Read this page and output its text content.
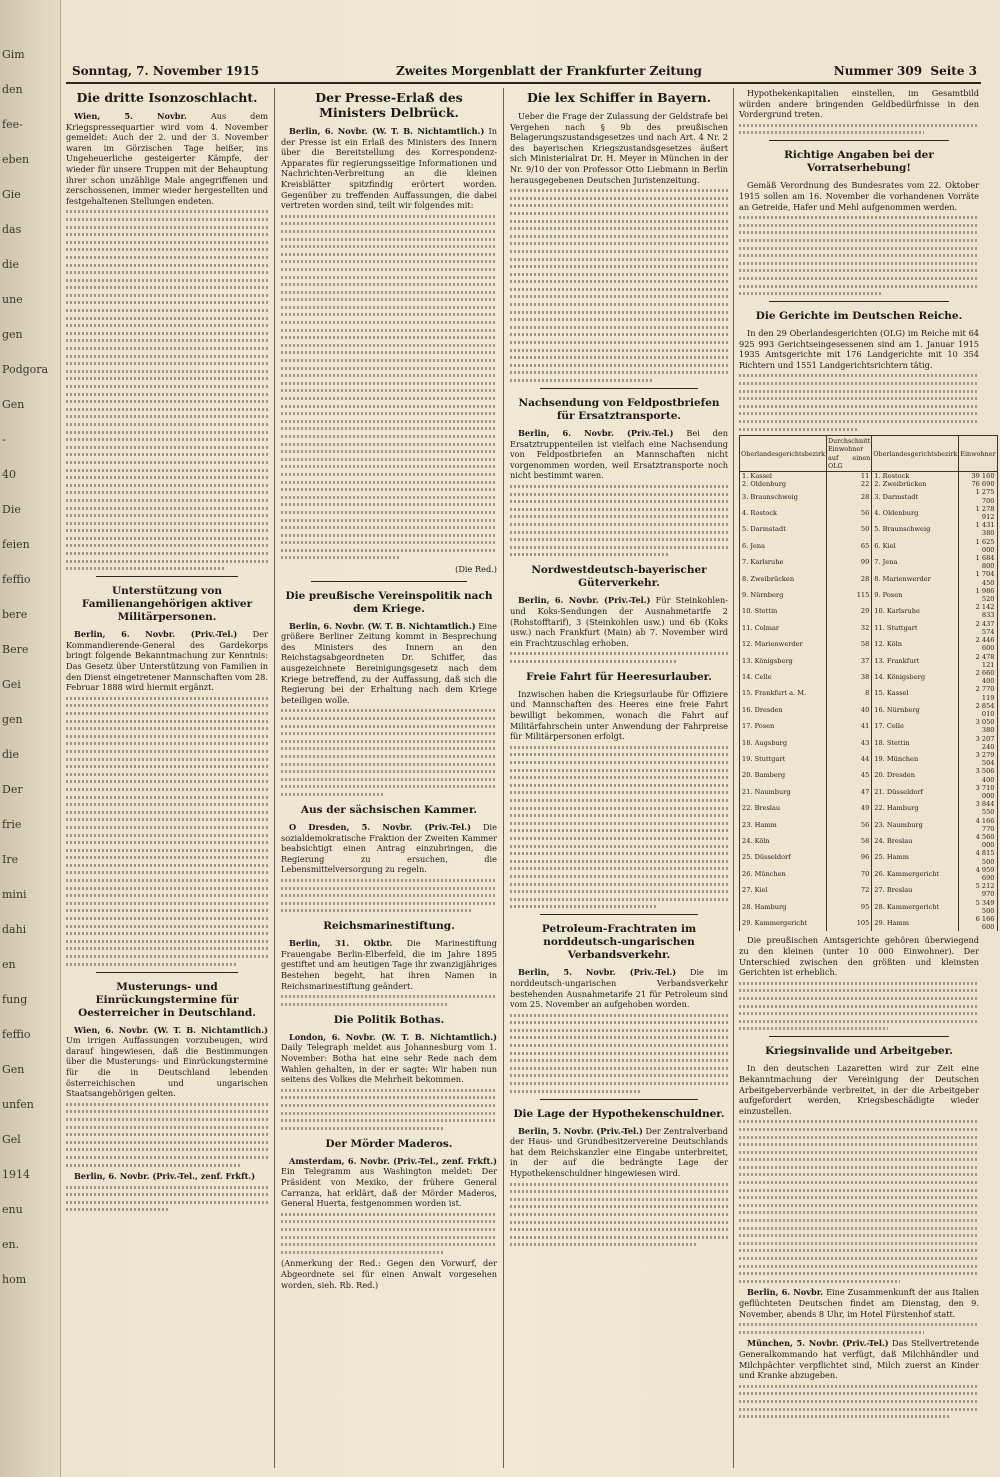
Gim
den
fee-
eben
Gie
das
die
une
gen
Podgora
Gen
-
40
Die
feien
feffio
bere
Bere
Gei
gen
die
Der
frie
Ire
mini
dahi
en
fung
feffio
Gen
unfen
Gel
1914
enu
en.
hom
Sonntag, 7. November 1915	Zweites Morgenblatt der Frankfurter Zeitung	Nummer 309 Seite 3
Die dritte Isonzoschlacht.

Wien, 5. Novbr.	Aus dem Kriegspressequartier wird vom 4. November gemeldet: Auch der 2. und der 3. November waren im Görzischen Tage heißer, ins Ungeheuerliche gesteigerter Kämpfe, der wieder für unsere Truppen mit der Behauptung ihrer schon unzählige Male angegriffenen und zerschossenen, immer wieder hergestellten und festgehaltenen Stellungen endeten.

Unterstützung von Familienangehörigen aktiver Militärpersonen.

Berlin, 6. Novbr. (Priv.-Tel.) Der Kommandierende-General des Gardekorps bringt folgende Bekanntmachung zur Kenntnis: Das Gesetz über Unterstützung von Familien in den Dienst eingetretener Mannschaften vom 28. Februar 1888 wird hiermit ergänzt.

Musterungs- und Einrückungstermine für Oesterreicher in Deutschland.

Wien, 6. Novbr. (W. T. B. Nichtamtlich.) Um irrigen Auffassungen vorzubeugen, wird darauf hingewiesen, daß die Bestimmungen über die Musterungs- und Einrückungstermine für die in Deutschland lebenden österreichischen und ungarischen Staatsangehörigen gelten.

Berlin, 6. Novbr. (Priv.-Tel., zenf. Frkft.)

Der Presse-Erlaß des Ministers Delbrück.

Berlin, 6. Novbr. (W. T. B. Nichtamtlich.) In der Presse ist ein Erlaß des Ministers des Innern über die Bereitstellung des Korrespondenz-Apparates für regierungsseitige Informationen und Nachrichten-Verbreitung an die kleinen Kreisblätter spitzfindig erörtert worden. Gegenüber zu treffenden Auffassungen, die dabei vertreten worden sind, teilt wir folgendes mit:

(Die Red.)

Die preußische Vereinspolitik nach dem Kriege.

Berlin, 6. Novbr. (W. T. B. Nichtamtlich.) Eine größere Berliner Zeitung kommt in Besprechung des Ministers des Innern an den Reichstagsabgeordneten Dr. Schiffer, das ausgezeichnete Bereinigungsgesetz nach dem Kriege betreffend, zu der Auffassung, daß sich die Regierung bei der Erhaltung nach dem Kriege beteiligen wolle.

Aus der sächsischen Kammer.

O Dresden, 5. Novbr. (Priv.-Tel.) Die sozialdemokratische Fraktion der Zweiten Kammer beabsichtigt einen Antrag einzubringen, die Regierung zu ersuchen, die Lebensmittelversorgung zu regeln.

Reichsmarinestiftung.

Berlin, 31. Oktbr. Die Marinestiftung Frauengabe Berlin-Elberfeld, die im Jahre 1895 gestiftet und am heutigen Tage ihr zwanzigjähriges Bestehen begeht, hat ihren Namen in Reichsmarinestiftung geändert.

Die Politik Bothas.

London, 6. Novbr. (W. T. B. Nichtamtlich.) Daily Telegraph meldet aus Johannesburg vom 1. November: Botha hat eine sehr Rede nach dem Wahlen gehalten, in der er sagte: Wir haben nun seitens des Volkes die Mehrheit bekommen.

Der Mörder Maderos.

Amsterdam, 6. Novbr. (Priv.-Tel., zenf. Frkft.) Ein Telegramm aus Washington meldet: Der Präsident von Mexiko, der frühere General Carranza, hat erklärt, daß der Mörder Maderos, General Huerta, festgenommen worden ist.

(Anmerkung der Red.: Gegen den Vorwurf, der Abgeordnete sei für einen Anwalt vorgesehen worden, sieh. Rb. Red.)

Die lex Schiffer in Bayern.

Ueber die Frage der Zulassung der Geldstrafe bei Vergehen nach § 9b des preußischen Belagerungszustandsgesetzes und nach Art. 4 Nr. 2 des bayerischen Kriegszustandsgesetzes äußert sich Ministerialrat Dr. H. Meyer in München in der Nr. 9/10 der von Professor Otto Liebmann in Berlin herausgegebenen Deutschen Juristenzeitung.

Nachsendung von Feldpostbriefen für Ersatztransporte.

Berlin, 6. Novbr. (Priv.-Tel.) Bei den Ersatztruppenteilen ist vielfach eine Nachsendung von Feldpostbriefen an Mannschaften nicht vorgenommen worden, weil Ersatztransporte noch nicht bestimmt waren.

Nordwestdeutsch-bayerischer Güterverkehr.

Berlin, 6. Novbr. (Priv.-Tel.) Für Steinkohlen- und Koks-Sendungen der Ausnahmetarife 2 (Rohstofftarif), 3 (Steinkohlen usw.) und 6b (Koks usw.) nach Frankfurt (Main) ab 7. November wird ein Frachtzuschlag erhoben.

Freie Fahrt für Heeresurlauber.

Inzwischen haben die Kriegsurlaube für Offiziere und Mannschaften des Heeres eine freie Fahrt bewilligt bekommen, wonach die Fahrt auf Militärfahrschein unter Anwendung der Fahrpreise für Militärpersonen erfolgt.

Petroleum-Frachtraten im norddeutsch-ungarischen Verbandsverkehr.

Berlin, 5. Novbr. (Priv.-Tel.) Die im norddeutsch-ungarischen Verbandsverkehr bestehenden Ausnahmetarife 21 für Petroleum sind vom 25. November an aufgehoben worden.

Die Lage der Hypothekenschuldner.

Berlin, 5. Novbr. (Priv.-Tel.) Der Zentralverband der Haus- und Grundbesitzervereine Deutschlands hat dem Reichskanzler eine Eingabe unterbreitet, in der auf die bedrängte Lage der Hypothekenschuldner hingewiesen wird.

Hypothekenkapitalien einstellen, im Gesamtbild würden andere bringenden Geldbedürfnisse in den Vordergrund treten.

Richtige Angaben bei der Vorratserhebung!

Gemäß Verordnung des Bundesrates vom 22. Oktober 1915 sollen am 16. November die vorhandenen Vorräte an Getreide, Hafer und Mehl aufgenommen werden.

Die Gerichte im Deutschen Reiche.

In den 29 Oberlandesgerichten (OLG) im Reiche mit 64 925 993 Gerichtseingesessenen sind am 1. Januar 1915 1935 Amtsgerichte mit 176 Landgerichte mit 10 354 Richtern und 1551 Landgerichtsrichtern tätig.

Oberlandesgerichtsbezirk	Durchschnitt Einwohner auf einen OLG	Oberlandesgerichtsbezirk	Einwohner
1. Kassel	11	1. Rostock	39 160
2. Oldenburg	22	2. Zweibrücken	76 690
3. Braunschweig	28	3. Darmstadt	1 275 700
4. Rostock	56	4. Oldenburg	1 278 912
5. Darmstadt	50	5. Braunschweig	1 431 380
6. Jena	65	6. Kiel	1 625 000
7. Karlsruhe	99	7. Jena	1 684 800
8. Zweibrücken	28	8. Marienwerder	1 704 450
9. Nürnberg	115	9. Posen	1 986 520
10. Stettin	29	10. Karlsruhe	2 142 833
11. Colmar	32	11. Stuttgart	2 437 574
12. Marienwerder	58	12. Köln	2 446 600
13. Königsberg	37	13. Frankfurt	2 478 121
14. Celle	38	14. Königsberg	2 660 400
15. Frankfurt a. M.	8	15. Kassel	2 770 119
16. Dresden	40	16. Nürnberg	2 854 010
17. Posen	41	17. Celle	3 050 380
18. Augsburg	43	18. Stettin	3 207 240
19. Stuttgart	44	19. München	3 279 504
20. Bamberg	45	20. Dresden	3 506 400
21. Naumburg	47	21. Düsseldorf	3 710 000
22. Breslau	49	22. Hamburg	3 844 550
23. Hamm	56	23. Naumburg	4 166 770
24. Köln	58	24. Breslau	4 560 000
25. Düsseldorf	96	25. Hamm	4 815 500
26. München	70	26. Kammergericht	4 959 690
27. Kiel	72	27. Breslau	5 212 970
28. Hamburg	95	28. Kammergericht	5 349 500
29. Kammergericht	105	29. Hamm	6 166 600

Die preußischen Amtsgerichte gehören überwiegend zu den kleinen (unter 10 000 Einwohner). Der Unterschied zwischen den größten und kleinsten Gerichten ist erheblich.

Kriegsinvalide und Arbeitgeber.

In den deutschen Lazaretten wird zur Zeit eine Bekanntmachung der Vereinigung der Deutschen Arbeitgeberverbände verbreitet, in der die Arbeitgeber aufgefordert werden, Kriegsbeschädigte wieder einzustellen.

Berlin, 6. Novbr. Eine Zusammenkunft der aus Italien geflüchteten Deutschen findet am Dienstag, den 9. November, abends 8 Uhr, im Hotel Fürstenhof statt.

München, 5. Novbr. (Priv.-Tel.) Das Stellvertretende Generalkommando hat verfügt, daß Milchhändler und Milchpächter verpflichtet sind, Milch zuerst an Kinder und Kranke abzugeben.
